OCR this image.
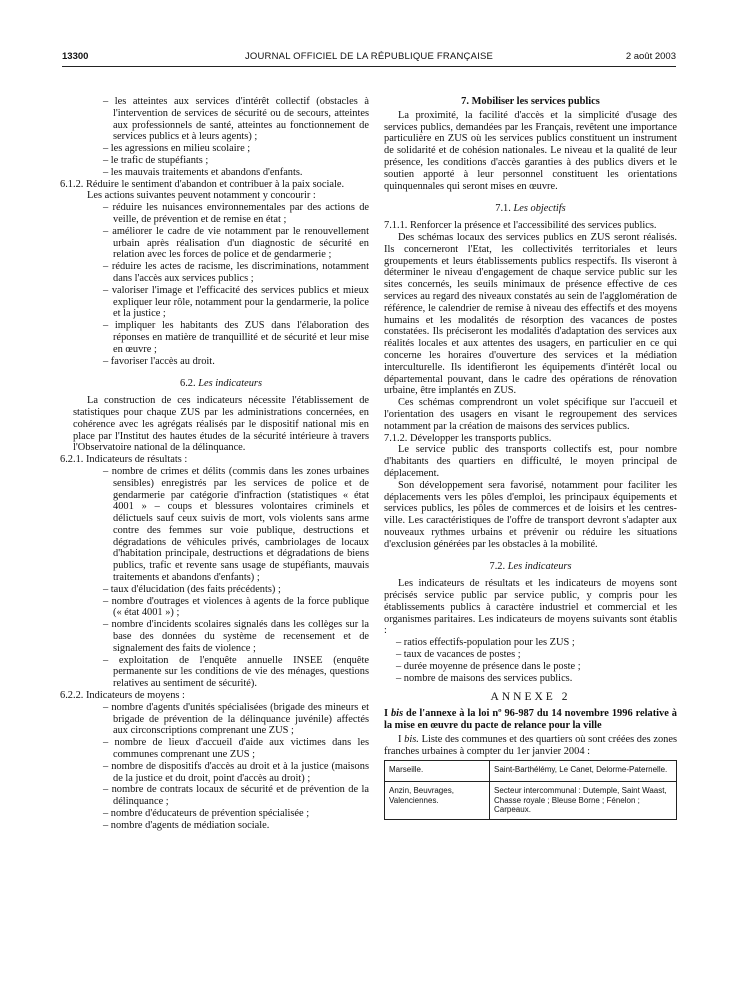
13300	JOURNAL OFFICIEL DE LA RÉPUBLIQUE FRANÇAISE	2 août 2003

– les atteintes aux services d'intérêt collectif (obstacles à l'intervention de services de sécurité ou de secours, atteintes aux professionnels de santé, atteintes au fonctionnement de services publics et à leurs agents) ;

– les agressions en milieu scolaire ;

– le trafic de stupéfiants ;

– les mauvais traitements et abandons d'enfants.

6.1.2. Réduire le sentiment d'abandon et contribuer à la paix sociale.

Les actions suivantes peuvent notamment y concourir :

– réduire les nuisances environnementales par des actions de veille, de prévention et de remise en état ;

– améliorer le cadre de vie notamment par le renouvellement urbain après réalisation d'un diagnostic de sécurité en relation avec les forces de police et de gendarmerie ;

– réduire les actes de racisme, les discriminations, notamment dans l'accès aux services publics ;

– valoriser l'image et l'efficacité des services publics et mieux expliquer leur rôle, notamment pour la gendarmerie, la police et la justice ;

– impliquer les habitants des ZUS dans l'élaboration des réponses en matière de tranquillité et de sécurité et leur mise en œuvre ;

– favoriser l'accès au droit.

6.2. Les indicateurs

La construction de ces indicateurs nécessite l'établissement de statistiques pour chaque ZUS par les administrations concernées, en cohérence avec les agrégats réalisés par le dispositif national mis en place par l'Institut des hautes études de la sécurité intérieure à travers l'Observatoire national de la délinquance.

6.2.1. Indicateurs de résultats :

– nombre de crimes et délits (commis dans les zones urbaines sensibles) enregistrés par les services de police et de gendarmerie par catégorie d'infraction (statistiques « état 4001 » – coups et blessures volontaires criminels et délictuels sauf ceux suivis de mort, vols violents sans arme contre des femmes sur voie publique, destructions et dégradations de véhicules privés, cambriolages de locaux d'habitation principale, destructions et dégradations de biens publics, trafic et revente sans usage de stupéfiants, mauvais traitements et abandons d'enfants) ;

– taux d'élucidation (des faits précédents) ;

– nombre d'outrages et violences à agents de la force publique (« état 4001 ») ;

– nombre d'incidents scolaires signalés dans les collèges sur la base des données du système de recensement et de signalement des faits de violence ;

– exploitation de l'enquête annuelle INSEE (enquête permanente sur les conditions de vie des ménages, questions relatives au sentiment de sécurité).

6.2.2. Indicateurs de moyens :

– nombre d'agents d'unités spécialisées (brigade des mineurs et brigade de prévention de la délinquance juvénile) affectés aux circonscriptions comprenant une ZUS ;

– nombre de lieux d'accueil d'aide aux victimes dans les communes comprenant une ZUS ;

– nombre de dispositifs d'accès au droit et à la justice (maisons de la justice et du droit, point d'accès au droit) ;

– nombre de contrats locaux de sécurité et de prévention de la délinquance ;

– nombre d'éducateurs de prévention spécialisée ;

– nombre d'agents de médiation sociale.

7. Mobiliser les services publics

La proximité, la facilité d'accès et la simplicité d'usage des services publics, demandées par les Français, revêtent une importance particulière en ZUS où les services publics constituent un instrument de solidarité et de cohésion nationales. Le niveau et la qualité de leur présence, les conditions d'accès garanties à des publics divers et le soutien apporté à leur personnel constituent les orientations quinquennales qui seront mises en œuvre.

7.1. Les objectifs

7.1.1. Renforcer la présence et l'accessibilité des services publics.

Des schémas locaux des services publics en ZUS seront réalisés. Ils concerneront l'Etat, les collectivités territoriales et leurs groupements et leurs établissements publics respectifs. Ils viseront à déterminer le niveau d'engagement de chaque service public sur les sites concernés, les seuils minimaux de présence effective de ces services au regard des niveaux constatés au sein de l'agglomération de référence, le calendrier de remise à niveau des effectifs et des moyens humains et les modalités de résorption des vacances de postes constatées. Ils préciseront les modalités d'adaptation des services aux réalités locales et aux attentes des usagers, en particulier en ce qui concerne les horaires d'ouverture des services et la médiation interculturelle. Ils identifieront les équipements d'intérêt local ou départemental pouvant, dans le cadre des opérations de rénovation urbaine, être implantés en ZUS.

Ces schémas comprendront un volet spécifique sur l'accueil et l'orientation des usagers en visant le regroupement des services notamment par la création de maisons des services publics.

7.1.2. Développer les transports publics.

Le service public des transports collectifs est, pour nombre d'habitants des quartiers en difficulté, le moyen principal de déplacement.

Son développement sera favorisé, notamment pour faciliter les déplacements vers les pôles d'emploi, les principaux équipements et services publics, les pôles de commerces et de loisirs et les centres-ville. Les caractéristiques de l'offre de transport devront s'adapter aux nouveaux rythmes urbains et prévenir ou réduire les situations d'exclusion générées par les obstacles à la mobilité.

7.2. Les indicateurs

Les indicateurs de résultats et les indicateurs de moyens sont précisés service public par service public, y compris pour les établissements publics à caractère industriel et commercial et les organismes paritaires. Les indicateurs de moyens suivants sont établis :

– ratios effectifs-population pour les ZUS ;

– taux de vacances de postes ;

– durée moyenne de présence dans le poste ;

– nombre de maisons des services publics.

ANNEXE 2

I bis de l'annexe à la loi nº 96-987 du 14 novembre 1996 relative à la mise en œuvre du pacte de relance pour la ville

I bis. Liste des communes et des quartiers où sont créées des zones franches urbaines à compter du 1er janvier 2004 :

Marseille.	Saint-Barthélémy, Le Canet, Delorme-Paternelle.
Anzin, Beuvrages, Valenciennes.	Secteur intercommunal : Dutemple, Saint Waast, Chasse royale ; Bleuse Borne ; Fénelon ; Carpeaux.
